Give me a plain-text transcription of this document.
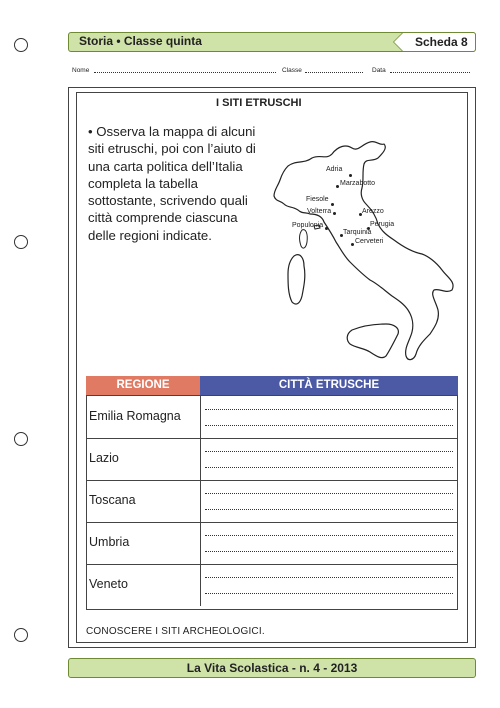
Storia • Classe quinta	Scheda 8
Nome	Classe	Data
I SITI ETRUSCHI
• Osserva la mappa di alcuni siti etruschi, poi con l’aiuto di una carta politica dell’Italia completa la tabella sottostante, scrivendo quali città comprende ciascuna delle regioni indicate.
Adria
Marzabotto
Fiesole
Volterra	Arezzo
Populonia	Perugia
Tarquinia
Cerveteri
REGIONE	CITTÀ ETRUSCHE
Emilia Romagna
Lazio
Toscana
Umbria
Veneto
CONOSCERE I SITI ARCHEOLOGICI.
La Vita Scolastica - n. 4 - 2013
